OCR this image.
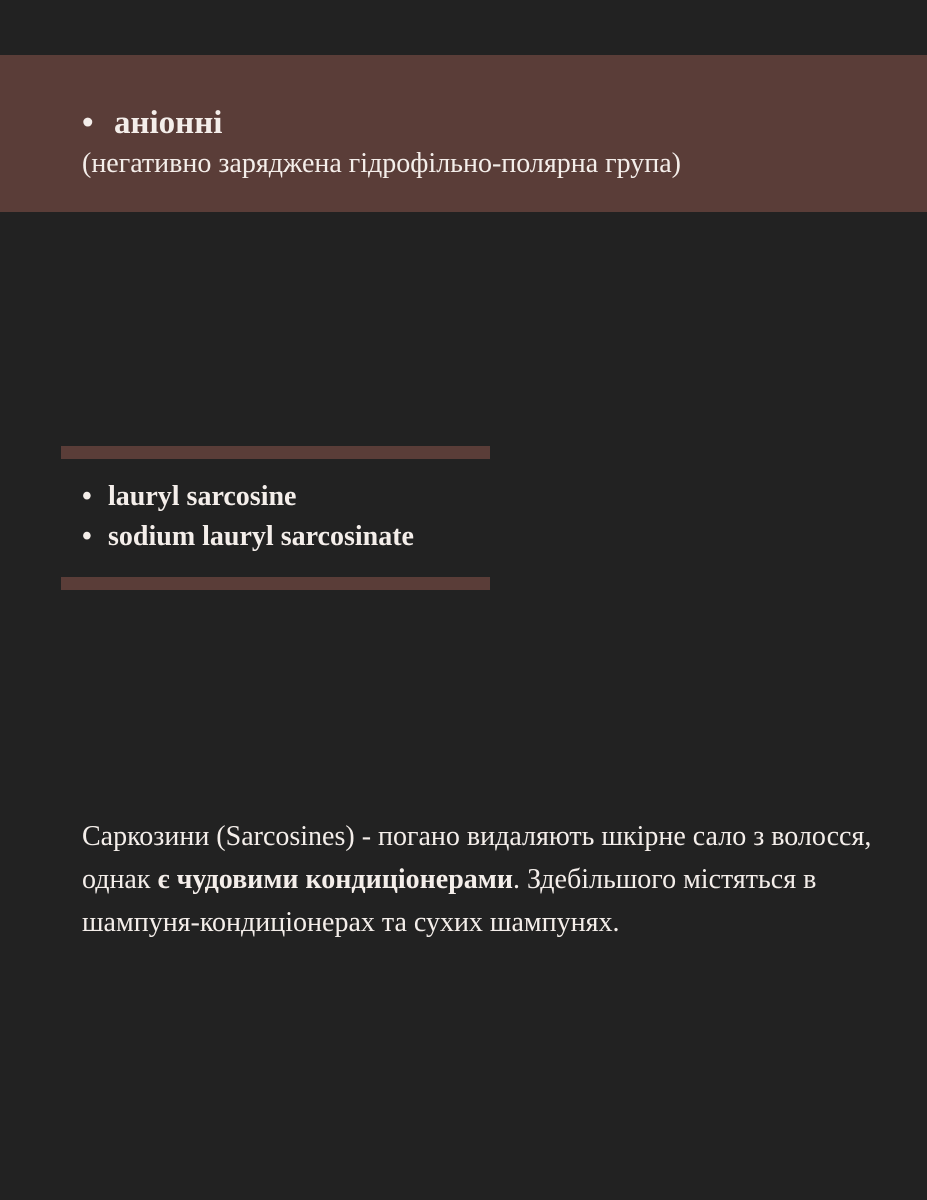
• аніонні
(негативно заряджена гідрофільно-полярна група)
• lauryl sarcosine
• sodium lauryl sarcosinate

Саркозини (Sarcosines) - погано видаляють шкірне сало з волосся, однак є чудовими кондиціонерами. Здебільшого містяться в шампуня-кондиціонерах та сухих шампунях.
